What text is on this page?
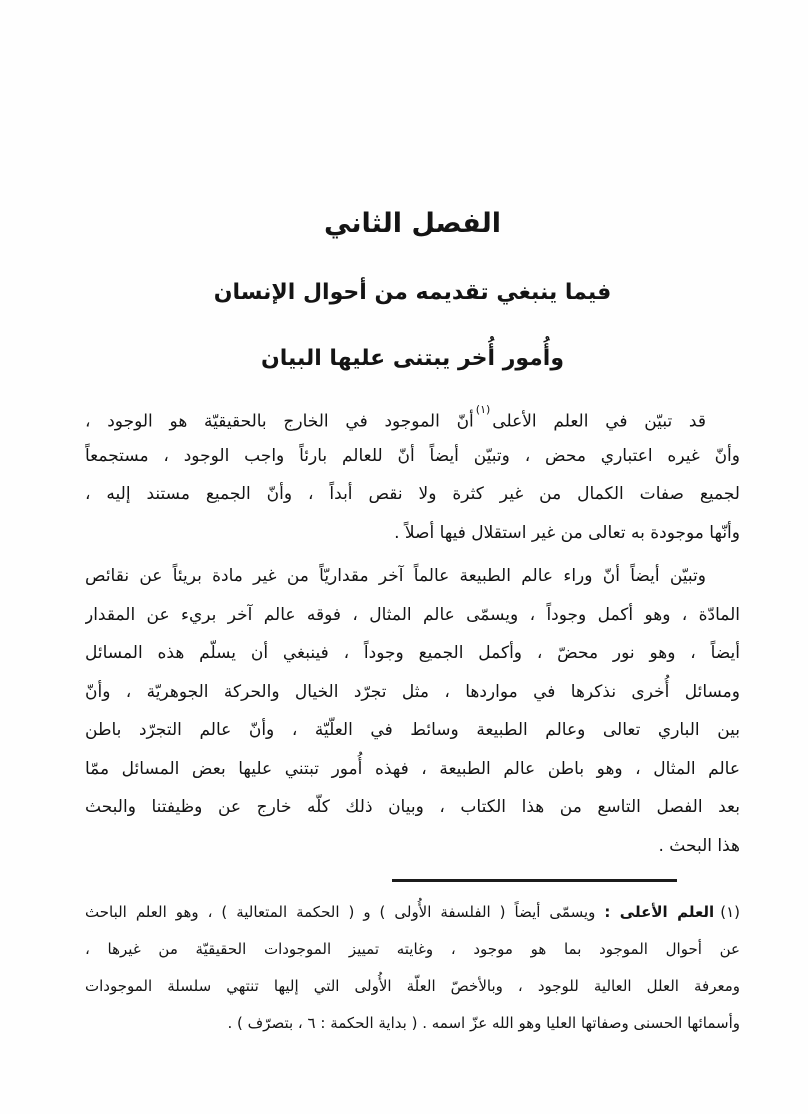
الفصل الثاني
فيما ينبغي تقديمه من أحوال الإنسان
وأُمور أُخر يبتنى عليها البيان
قد تبيّن في العلم الأعلى$^{(١)}$أنّ الموجود في الخارج بالحقيقيّة هو الوجود ،
وأنّ غيره اعتباري محض ، وتبيّن أيضاً أنّ للعالم بارئاً واجب الوجود ، مستجمعاً
لجميع صفات الكمال من غير كثرة ولا نقص أبداً ، وأنّ الجميع مستند إليه ،
وأنّها موجودة به تعالى من غير استقلال فيها أصلاً .
وتبيّن أيضاً أنّ وراء عالم الطبيعة عالماً آخر مقداريّاً من غير مادة بريئاً عن نقائص
المادّة ، وهو أكمل وجوداً ، ويسمّى عالم المثال ، فوقه عالم آخر بريء عن المقدار
أيضاً ، وهو نور محضّ ، وأكمل الجميع وجوداً ، فينبغي أن يسلّم هذه المسائل
ومسائل أُخرى نذكرها في مواردها ، مثل تجرّد الخيال والحركة الجوهريّة ، وأنّ
بين الباري تعالى وعالم الطبيعة وسائط في العلّيّة ، وأنّ عالم التجرّد باطن
عالم المثال ، وهو باطن عالم الطبيعة ، فهذه أُمور تبتني عليها بعض المسائل ممّا
بعد الفصل التاسع من هذا الكتاب ، وبيان ذلك كلّه خارج عن وظيفتنا والبحث
هذا البحث .
(١)العلم الأعلى : ويسمّى أيضاً ( الفلسفة الأُولى ) و ( الحكمة المتعالية ) ، وهو العلم الباحث
عن أحوال الموجود بما هو موجود ، وغايته تمييز الموجودات الحقيقيّة من غيرها ،
ومعرفة العلل العالية للوجود ، وبالأخصّ العلّة الأُولى التي إليها تنتهي سلسلة الموجودات
وأسمائها الحسنى وصفاتها العليا وهو الله عزّ اسمه . ( بداية الحكمة : ٦ ، بتصرّف ) .
